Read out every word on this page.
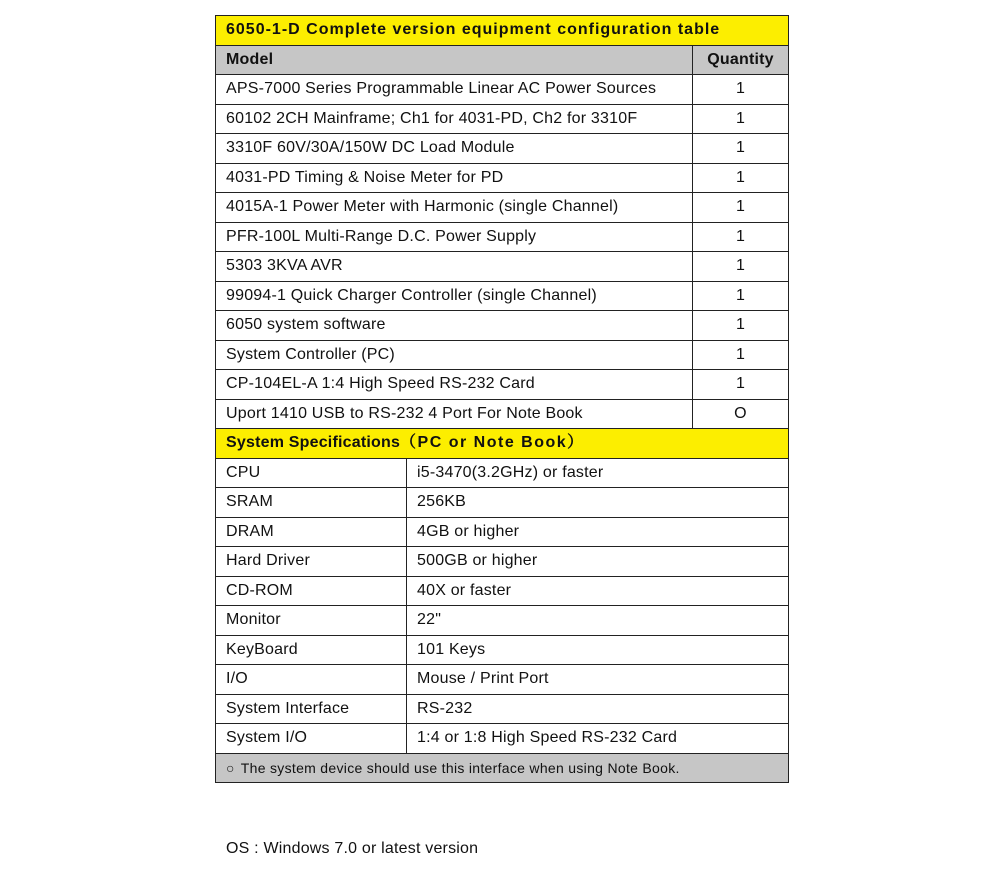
6050-1-D Complete version equipment configuration table		
Model		Quantity
APS-7000 Series Programmable Linear AC Power Sources		1
60102 2CH Mainframe; Ch1 for 4031-PD, Ch2 for 3310F		1
3310F 60V/30A/150W DC Load Module		1
4031-PD Timing & Noise Meter for PD		1
4015A-1 Power Meter with Harmonic (single Channel)		1
PFR-100L Multi-Range D.C. Power Supply		1
5303 3KVA AVR		1
99094-1 Quick Charger Controller (single Channel)		1
6050 system software		1
System Controller (PC)		1
CP-104EL-A 1:4 High Speed RS-232 Card		1
Uport 1410 USB to RS-232 4 Port For Note Book		O
System Specifications（PC or Note Book）		
CPU	i5-3470(3.2GHz) or faster	
SRAM	256KB	
DRAM	4GB or higher	
Hard Driver	500GB or higher	
CD-ROM	40X or faster	
Monitor	22"	
KeyBoard	101 Keys	
I/O	Mouse / Print Port	
System Interface	RS-232	
System I/O	1:4 or 1:8 High Speed RS-232 Card	
○ The system device should use this interface when using Note Book.		
OS : Windows 7.0 or latest version
